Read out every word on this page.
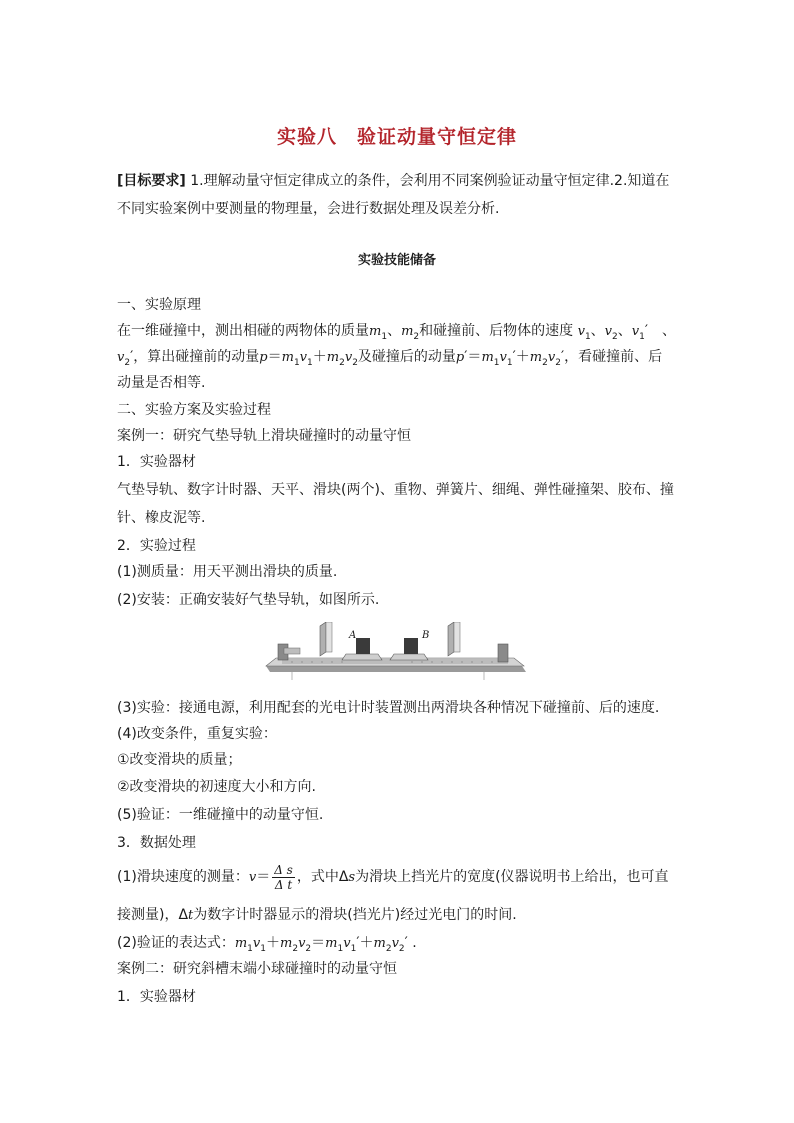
实验八　验证动量守恒定律
[目标要求] 1.理解动量守恒定律成立的条件，会利用不同案例验证动量守恒定律.2.知道在
不同实验案例中要测量的物理量，会进行数据处理及误差分析.
实验技能储备
一、实验原理
在一维碰撞中，测出相碰的两物体的质量$m_1$、$m_2$和碰撞前、后物体的速度 $v_1$、$v_2$、$v_1'$　、
$v_2'$，算出碰撞前的动量$p=m_1v_1+m_2v_2$及碰撞后的动量$p'=m_1v_1'+m_2v_2'$，看碰撞前、后
动量是否相等.
二、实验方案及实验过程
案例一：研究气垫导轨上滑块碰撞时的动量守恒
1．实验器材
气垫导轨、数字计时器、天平、滑块(两个)、重物、弹簧片、细绳、弹性碰撞架、胶布、撞
针、橡皮泥等.
2．实验过程
(1)测质量：用天平测出滑块的质量.
(2)安装：正确安装好气垫导轨，如图所示.
A	B
(3)实验：接通电源，利用配套的光电计时装置测出两滑块各种情况下碰撞前、后的速度.
(4)改变条件，重复实验：
①改变滑块的质量；
②改变滑块的初速度大小和方向.
(5)验证：一维碰撞中的动量守恒.
3．数据处理
(1)滑块速度的测量：$v= \frac{\text{Δ s}}{\text{Δ t}}$ ，式中Δs为滑块上挡光片的宽度(仪器说明书上给出，也可直
接测量)，Δt为数字计时器显示的滑块(挡光片)经过光电门的时间.
(2)验证的表达式：$m_1v_1+m_2v_2=m_1v_1'+m_2v_2'$ .
案例二：研究斜槽末端小球碰撞时的动量守恒
1．实验器材
